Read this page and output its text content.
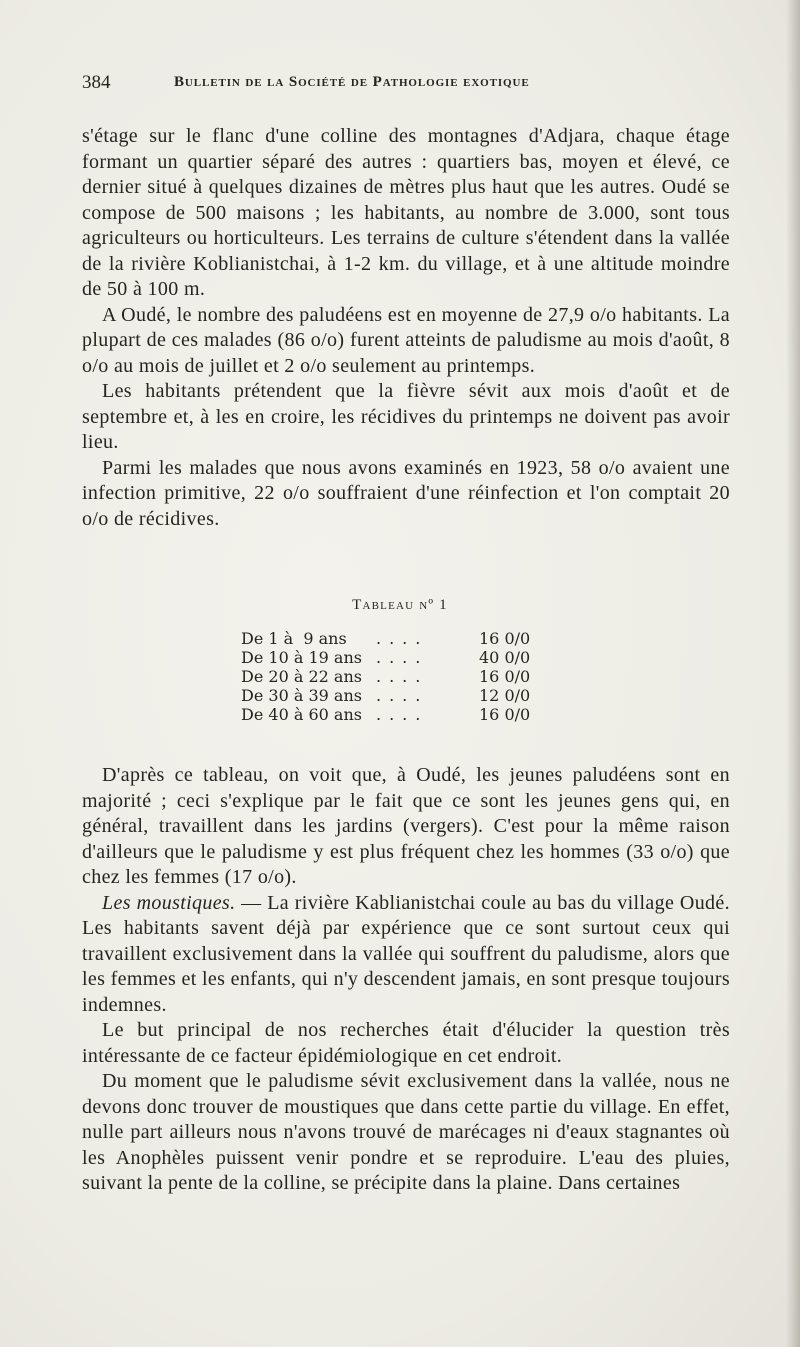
384	Bulletin de la Société de Pathologie exotique

s'étage sur le flanc d'une colline des montagnes d'Adjara, chaque étage formant un quartier séparé des autres : quartiers bas, moyen et élevé, ce dernier situé à quelques dizaines de mètres plus haut que les autres. Oudé se compose de 500 maisons ; les habitants, au nombre de 3.000, sont tous agriculteurs ou horticulteurs. Les terrains de culture s'étendent dans la vallée de la rivière Koblianistchai, à 1-2 km. du village, et à une altitude moindre de 50 à 100 m.

A Oudé, le nombre des paludéens est en moyenne de 27,9 o/o habitants. La plupart de ces malades (86 o/o) furent atteints de paludisme au mois d'août, 8 o/o au mois de juillet et 2 o/o seulement au printemps.

Les habitants prétendent que la fièvre sévit aux mois d'août et de septembre et, à les en croire, les récidives du printemps ne doivent pas avoir lieu.

Parmi les malades que nous avons examinés en 1923, 58 o/o avaient une infection primitive, 22 o/o souffraient d'une réinfection et l'on comptait 20 o/o de récidives.

Tableau nº 1
De 1 à  9 ans ....	16 0/0
De 10 à 19 ans ....	40 0/0
De 20 à 22 ans ....	16 0/0
De 30 à 39 ans ....	12 0/0
De 40 à 60 ans ....	16 0/0

D'après ce tableau, on voit que, à Oudé, les jeunes paludéens sont en majorité ; ceci s'explique par le fait que ce sont les jeunes gens qui, en général, travaillent dans les jardins (vergers). C'est pour la même raison d'ailleurs que le paludisme y est plus fréquent chez les hommes (33 o/o) que chez les femmes (17 o/o).

Les moustiques. — La rivière Kablianistchai coule au bas du village Oudé. Les habitants savent déjà par expérience que ce sont surtout ceux qui travaillent exclusivement dans la vallée qui souffrent du paludisme, alors que les femmes et les enfants, qui n'y descendent jamais, en sont presque toujours indemnes.

Le but principal de nos recherches était d'élucider la question très intéressante de ce facteur épidémiologique en cet endroit.

Du moment que le paludisme sévit exclusivement dans la vallée, nous ne devons donc trouver de moustiques que dans cette partie du village. En effet, nulle part ailleurs nous n'avons trouvé de marécages ni d'eaux stagnantes où les Anophèles puissent venir pondre et se reproduire. L'eau des pluies, suivant la pente de la colline, se précipite dans la plaine. Dans certaines
